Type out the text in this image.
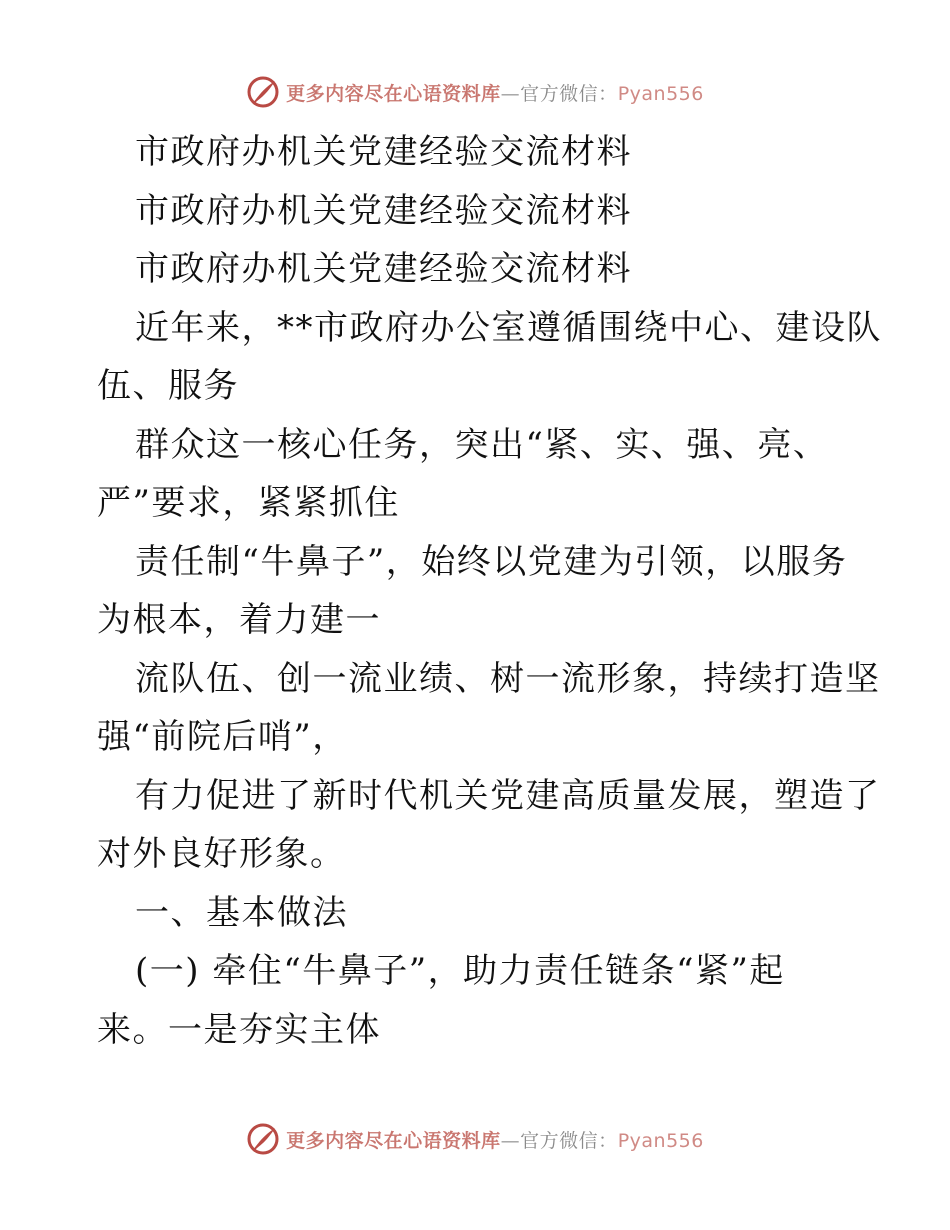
更多内容尽在心语资料库—官方微信：Pyan556
市政府办机关党建经验交流材料
市政府办机关党建经验交流材料
市政府办机关党建经验交流材料
近年来，**市政府办公室遵循围绕中心、建设队
伍、服务
群众这一核心任务，突出“紧、实、强、亮、
严”要求，紧紧抓住
责任制“牛鼻子”，始终以党建为引领，以服务
为根本，着力建一
流队伍、创一流业绩、树一流形象，持续打造坚
强“前院后哨”，
有力促进了新时代机关党建高质量发展，塑造了
对外良好形象。
一、基本做法
(一) 牵住“牛鼻子”，助力责任链条“紧”起
来。一是夯实主体
更多内容尽在心语资料库—官方微信：Pyan556
